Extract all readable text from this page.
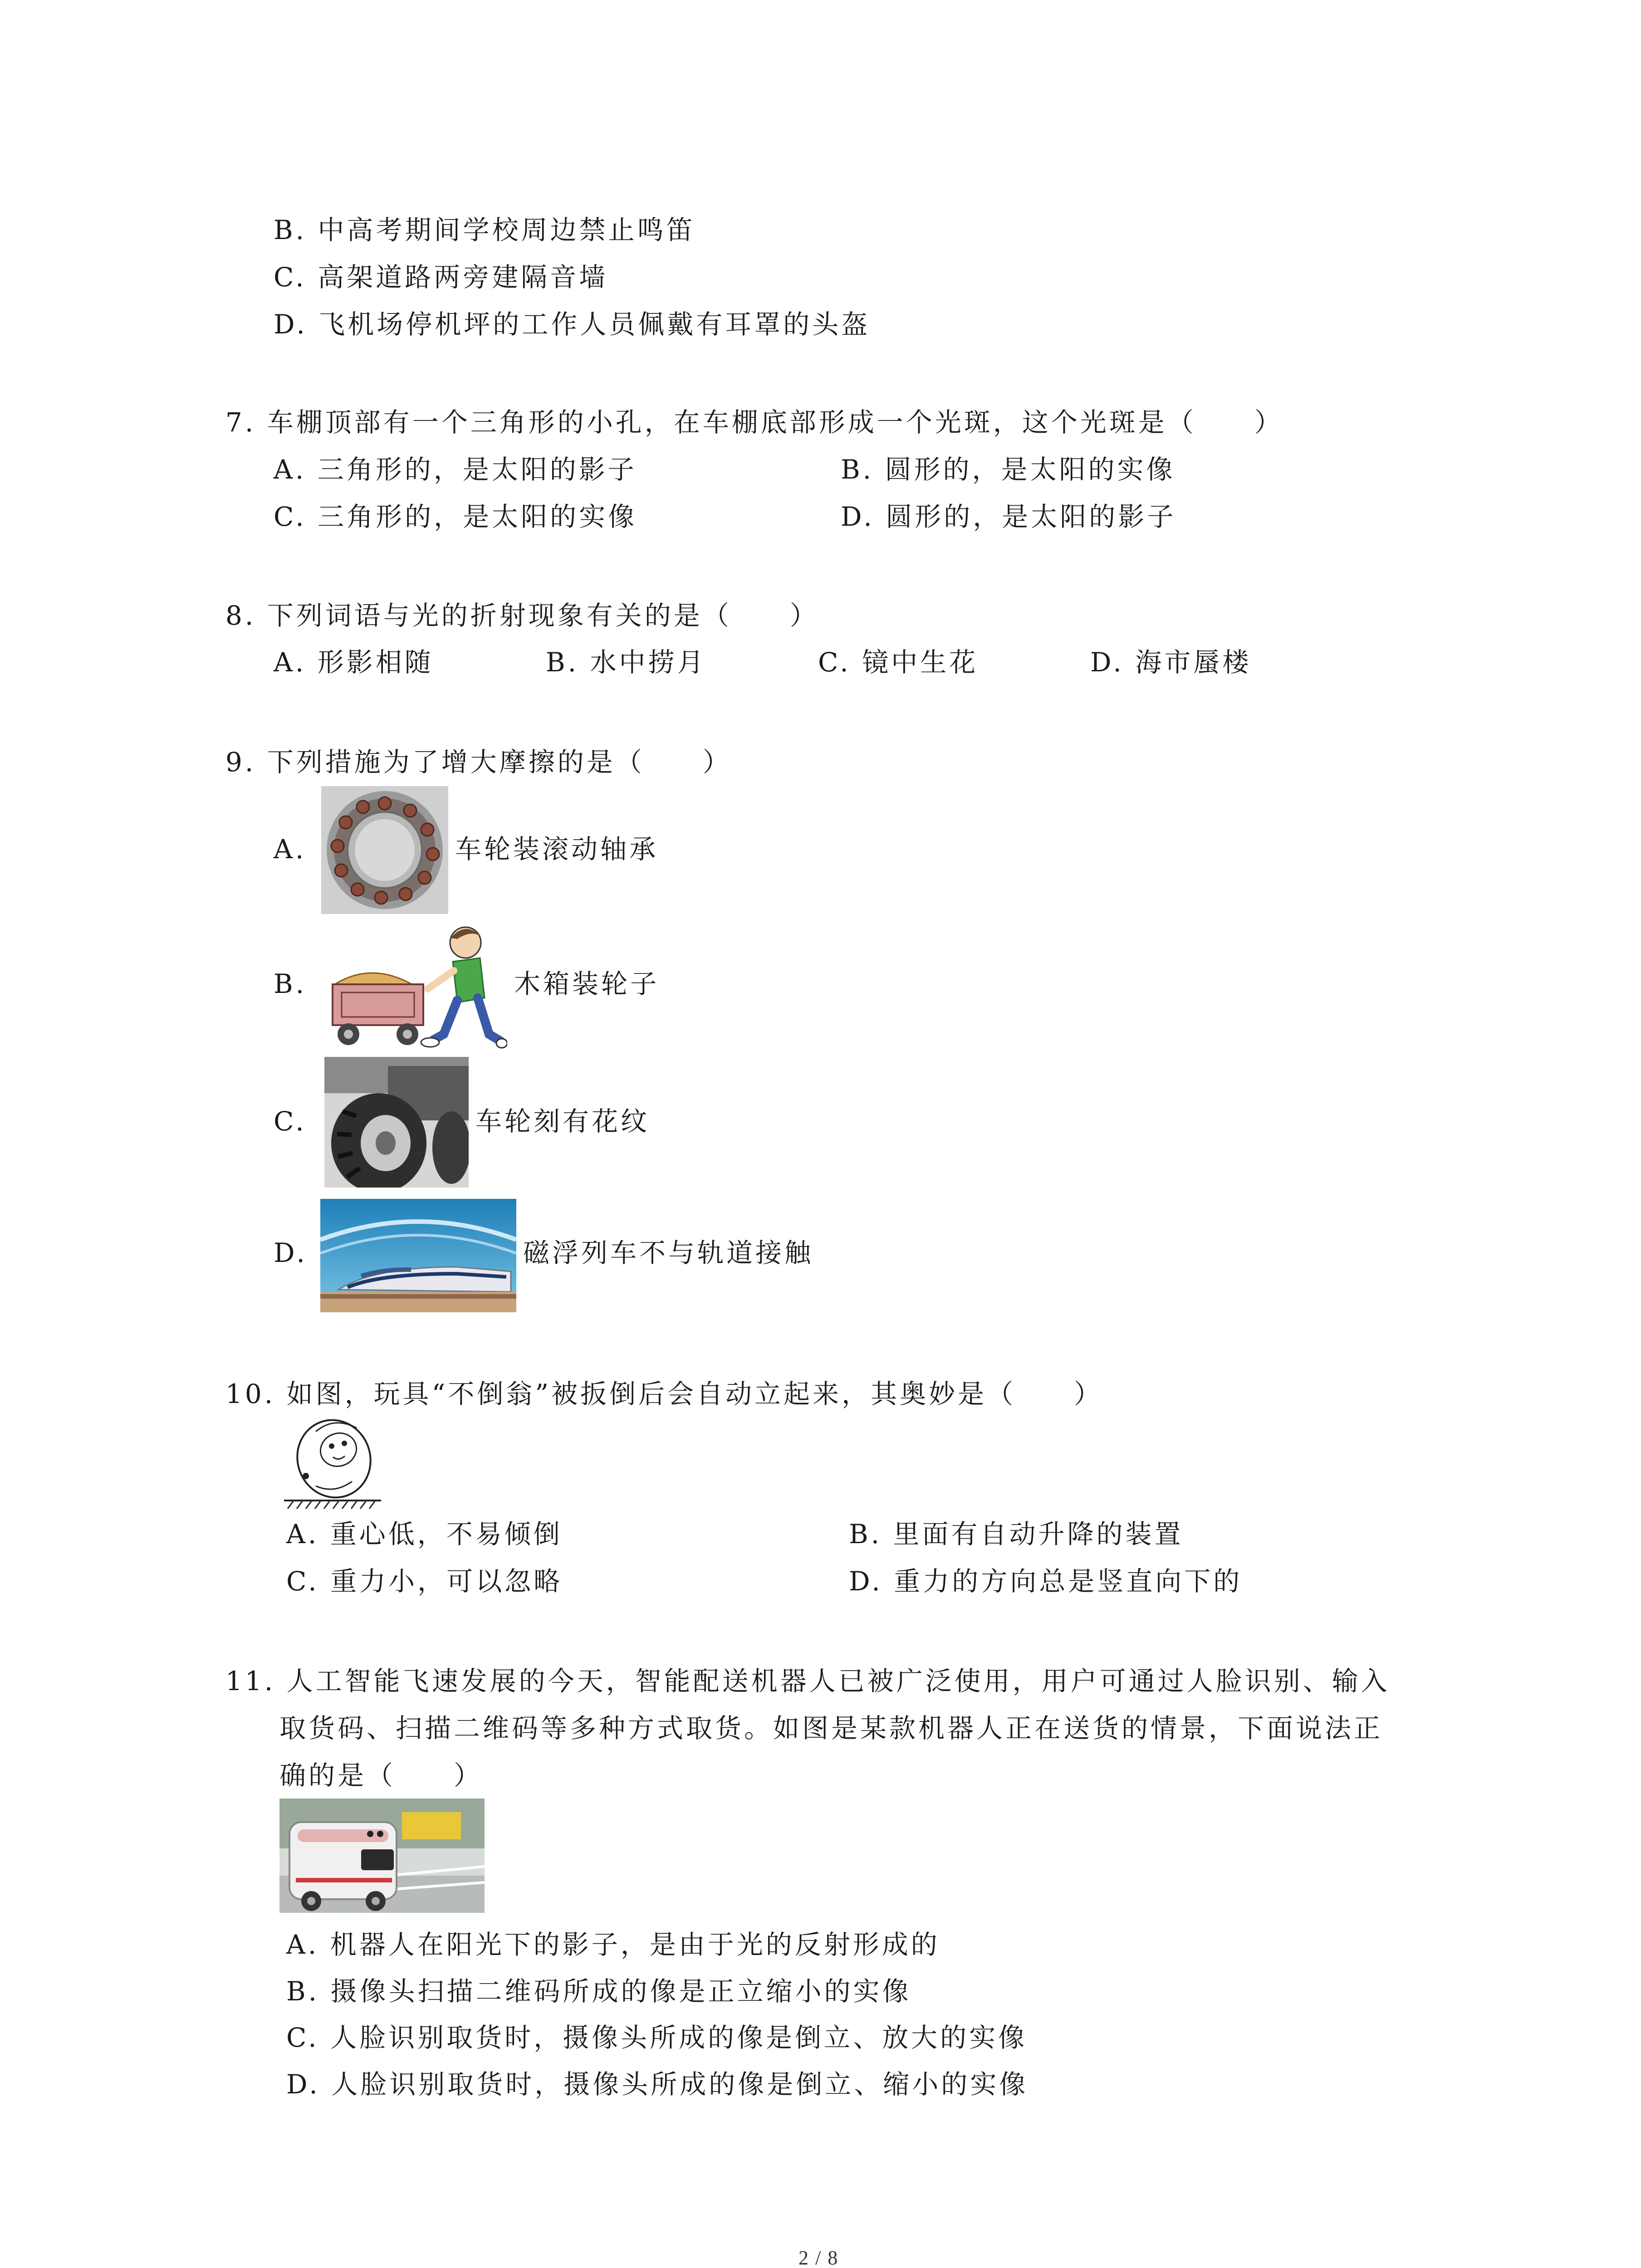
B. 中高考期间学校周边禁止鸣笛
C. 高架道路两旁建隔音墙
D. 飞机场停机坪的工作人员佩戴有耳罩的头盔
7. 车棚顶部有一个三角形的小孔，在车棚底部形成一个光斑，这个光斑是（　　）
A. 三角形的，是太阳的影子	B. 圆形的，是太阳的实像
C. 三角形的，是太阳的实像	D. 圆形的，是太阳的影子
8. 下列词语与光的折射现象有关的是（　　）
A. 形影相随	B. 水中捞月	C. 镜中生花	D. 海市蜃楼
9. 下列措施为了增大摩擦的是（　　）
A.	车轮装滚动轴承
B.	木箱装轮子
C.	车轮刻有花纹
D.	磁浮列车不与轨道接触
10. 如图，玩具“不倒翁”被扳倒后会自动立起来，其奥妙是（　　）
A. 重心低，不易倾倒	B. 里面有自动升降的装置
C. 重力小，可以忽略	D. 重力的方向总是竖直向下的
11. 人工智能飞速发展的今天，智能配送机器人已被广泛使用，用户可通过人脸识别、输入
取货码、扫描二维码等多种方式取货。如图是某款机器人正在送货的情景，下面说法正
确的是（　　）
A. 机器人在阳光下的影子，是由于光的反射形成的
B. 摄像头扫描二维码所成的像是正立缩小的实像
C. 人脸识别取货时，摄像头所成的像是倒立、放大的实像
D. 人脸识别取货时，摄像头所成的像是倒立、缩小的实像
2 / 8
